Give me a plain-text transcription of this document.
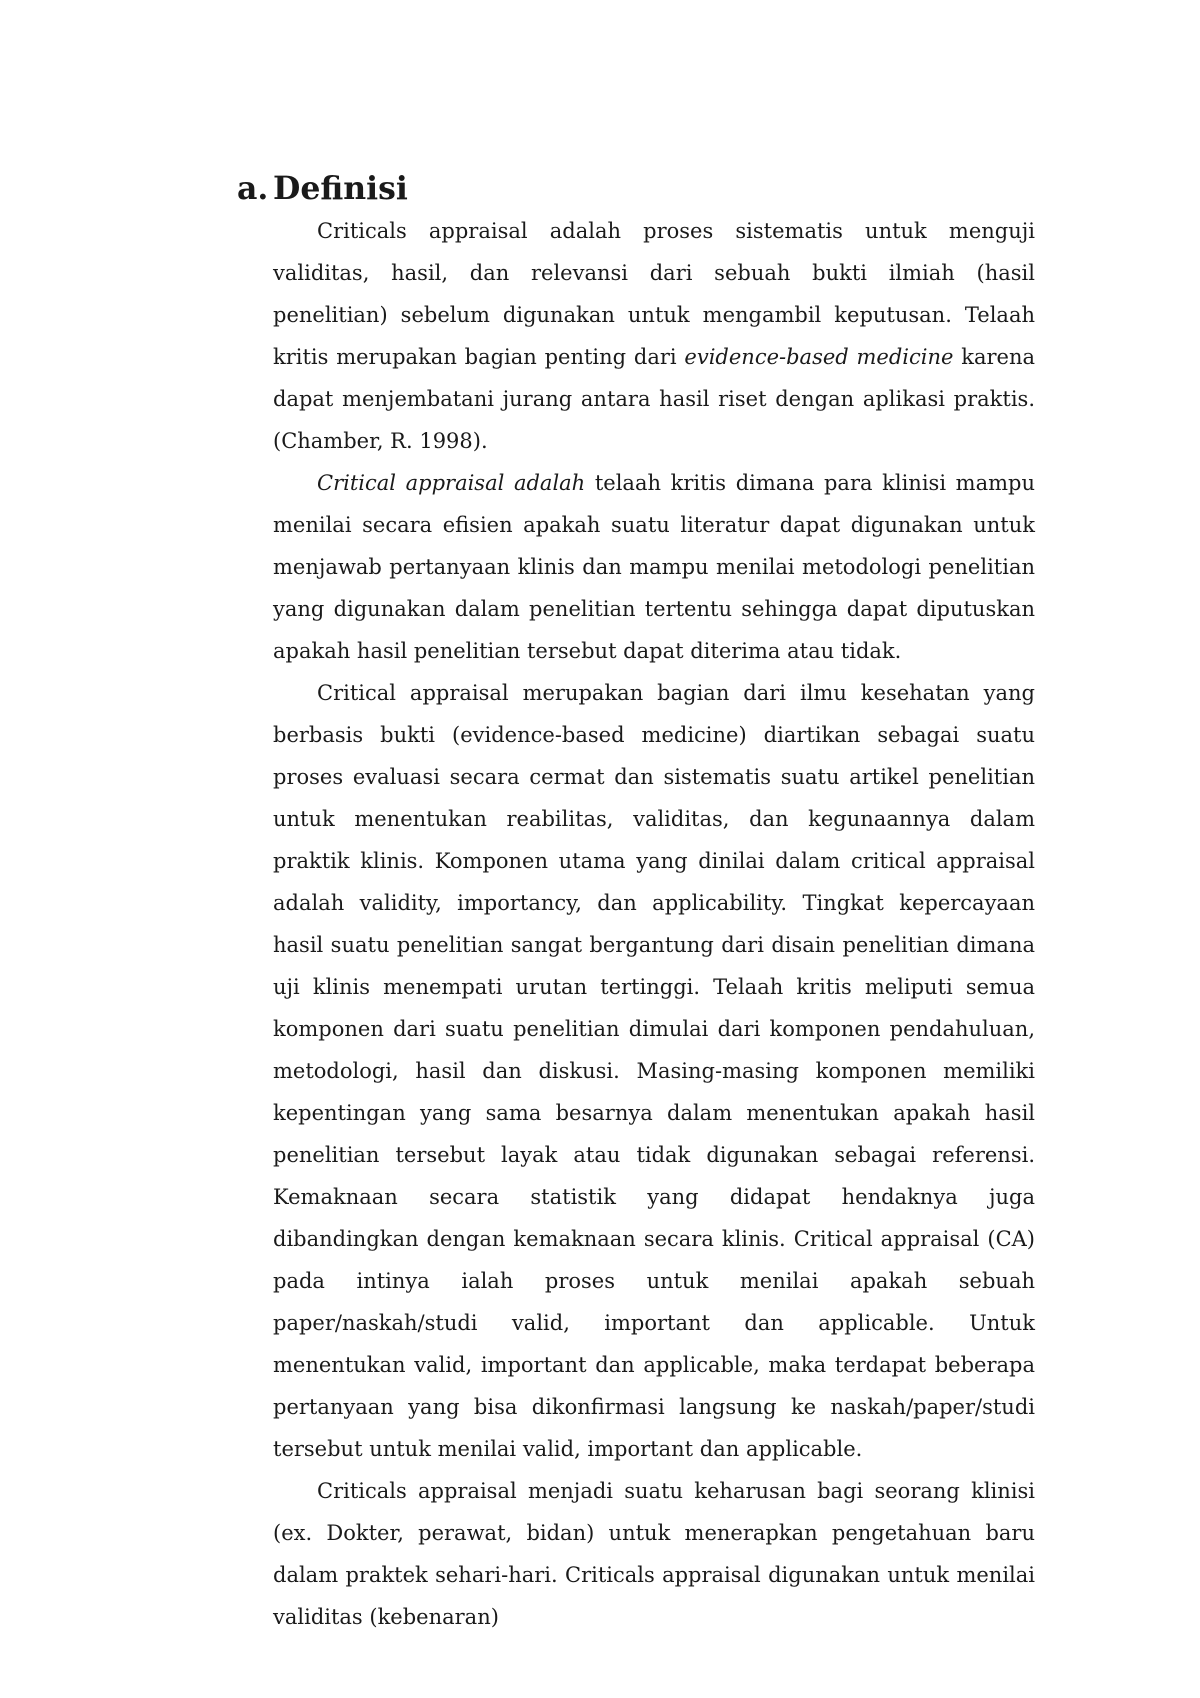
a. Definisi

Criticals appraisal adalah proses sistematis untuk menguji validitas, hasil, dan relevansi dari sebuah bukti ilmiah (hasil penelitian) sebelum digunakan untuk mengambil keputusan. Telaah kritis merupakan bagian penting dari evidence-based medicine karena dapat menjembatani jurang antara hasil riset dengan aplikasi praktis. (Chamber, R. 1998).

Critical appraisal adalah telaah kritis dimana para klinisi mampu menilai secara efisien apakah suatu literatur dapat digunakan untuk menjawab pertanyaan klinis dan mampu menilai metodologi penelitian yang digunakan dalam penelitian tertentu sehingga dapat diputuskan apakah hasil penelitian tersebut dapat diterima atau tidak.

Critical appraisal merupakan bagian dari ilmu kesehatan yang berbasis bukti (evidence-based medicine) diartikan sebagai suatu proses evaluasi secara cermat dan sistematis suatu artikel penelitian untuk menentukan reabilitas, validitas, dan kegunaannya dalam praktik klinis. Komponen utama yang dinilai dalam critical appraisal adalah validity, importancy, dan applicability. Tingkat kepercayaan hasil suatu penelitian sangat bergantung dari disain penelitian dimana uji klinis menempati urutan tertinggi. Telaah kritis meliputi semua komponen dari suatu penelitian dimulai dari komponen pendahuluan, metodologi, hasil dan diskusi. Masing-masing komponen memiliki kepentingan yang sama besarnya dalam menentukan apakah hasil penelitian tersebut layak atau tidak digunakan sebagai referensi. Kemaknaan secara statistik yang didapat hendaknya juga dibandingkan dengan kemaknaan secara klinis. Critical appraisal (CA) pada intinya ialah proses untuk menilai apakah sebuah paper/naskah/studi valid, important dan applicable. Untuk menentukan valid, important dan applicable, maka terdapat beberapa pertanyaan yang bisa dikonfirmasi langsung ke naskah/paper/studi tersebut untuk menilai valid, important dan applicable.

Criticals appraisal menjadi suatu keharusan bagi seorang klinisi (ex. Dokter, perawat, bidan) untuk menerapkan pengetahuan baru dalam praktek sehari-hari. Criticals appraisal digunakan untuk menilai validitas (kebenaran)
